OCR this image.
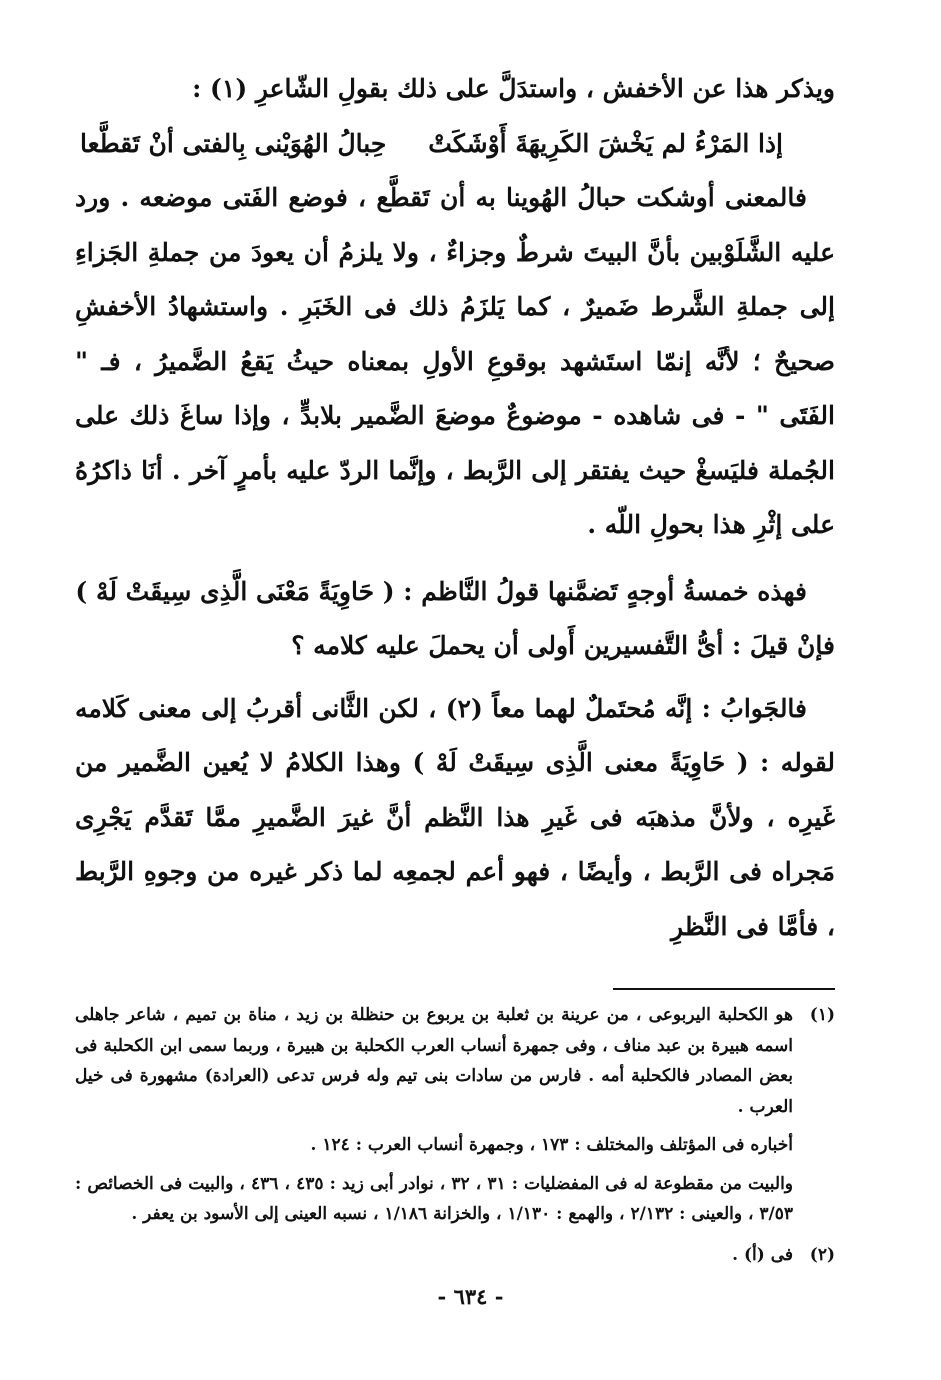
ويذكر هذا عن الأخفش ، واستدَلَّ على ذلك بقولِ الشّاعرِ (١) :

إذا المَرْءُ لم يَخْشَ الكَرِيهَةَ أَوْشَكَتْ
حِبالُ الهُوَيْنى بِالفتى أنْ تَقطَّعا

فالمعنى أوشكت حبالُ الهُوينا به أن تَقطَّع ، فوضع الفَتى موضعه . ورد عليه الشَّلَوْبين بأنَّ البيتَ شرطٌ وجزاءٌ ، ولا يلزمُ أن يعودَ من جملةِ الجَزاءِ إلى جملةِ الشَّرط ضَميرٌ ، كما يَلزَمُ ذلك فى الخَبَرِ . واستشهادُ الأخفشِ صحيحٌ ؛ لأنَّه إنمّا استَشهد بوقوعِ الأولِ بمعناه حيثُ يَقعُ الضَّميرُ ، فـ " الفَتَى " - فى شاهده - موضوعٌ موضعَ الضَّمير بلابدٍّ ، وإذا ساغَ ذلك على الجُملة فليَسغْ حيث يفتقر إلى الرَّبط ، وإنَّما الردّ عليه بأمرٍ آخر . أنَا ذاكرُهُ على إثْرِ هذا بحولِ اللّه .

فهذه خمسةُ أوجهٍ تَضمَّنها قولُ النَّاظم : ( حَاوِيَةً مَعْنَى الَّذِى سِيقَتْ لَهْ )

فإنْ قيلَ : أىُّ التَّفسيرين أَولى أن يحملَ عليه كلامه ؟

فالجَوابُ : إنَّه مُحتَملٌ لهما معاً (٢) ، لكن الثَّانى أقربُ إلى معنى كَلامه لقوله : ( حَاوِيَةً معنى الَّذِى سِيقَتْ لَهْ ) وهذا الكلامُ لا يُعين الضَّمير من غَيرِه ، ولأنَّ مذهبَه فى غَيرِ هذا النَّظم أنَّ غيرَ الضَّميرِ ممَّا تَقدَّم يَجْرِى مَجراه فى الرَّبط ، وأيضًا ، فهو أعم لجمعِه لما ذكر غيره من وجوهِ الرَّبط ، فأمَّا فى النَّظرِ

(١)
هو الكحلبة اليربوعى ، من عرينة بن ثعلبة بن يربوع بن حنظلة بن زيد ، مناة بن تميم ، شاعر جاهلى اسمه هبيرة بن عبد مناف ، وفى جمهرة أنساب العرب الكحلبة بن هبيرة ، وربما سمى ابن الكحلبة فى بعض المصادر فالكحلبة أمه . فارس من سادات بنى تيم وله فرس تدعى (العرادة) مشهورة فى خيل العرب .
أخباره فى المؤتلف والمختلف : ١٧٣ ، وجمهرة أنساب العرب : ١٢٤ .
والبيت من مقطوعة له فى المفضليات : ٣١ ، ٣٢ ، نوادر أبى زيد : ٤٣٥ ، ٤٣٦ ، والبيت فى الخصائص : ٣/٥٣ ، والعينى : ٢/١٣٢ ، والهمع : ١/١٣٠ ، والخزانة ١/١٨٦ ، نسبه العينى إلى الأسود بن يعفر .
(٢)
فى (أ) .
- ٦٣٤ -
